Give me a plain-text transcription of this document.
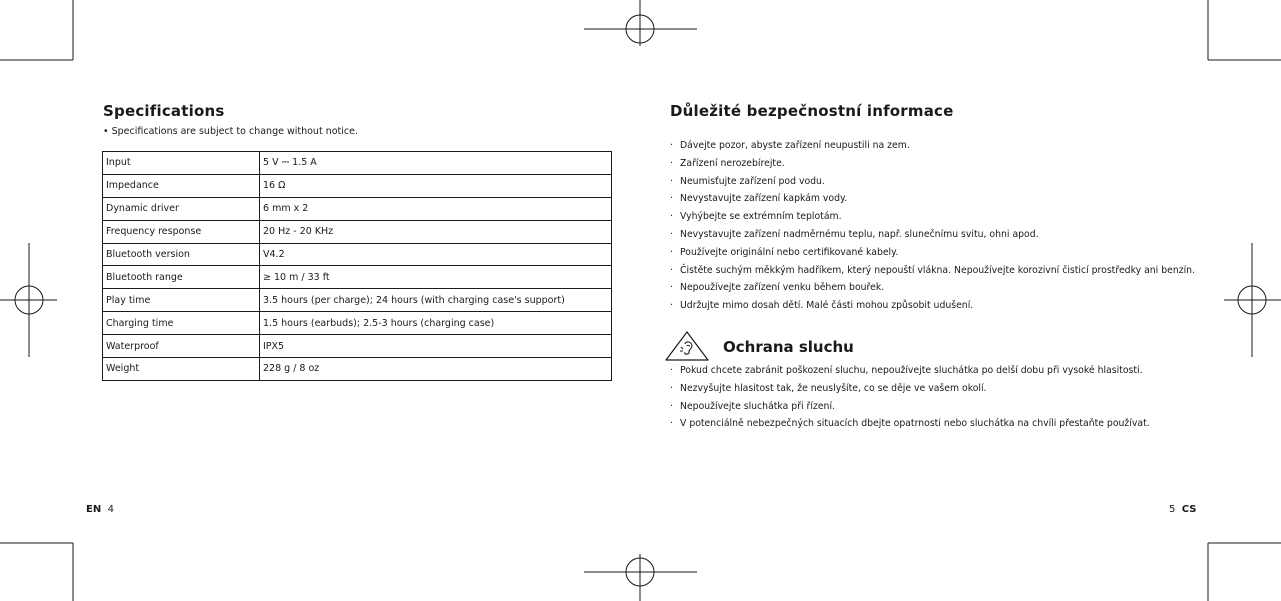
Specifications
• Specifications are subject to change without notice.
Input	5 V ⎓ 1.5 A
Impedance	16 Ω
Dynamic driver	6 mm x 2
Frequency response	20 Hz - 20 KHz
Bluetooth version	V4.2
Bluetooth range	≥ 10 m / 33 ft
Play time	3.5 hours (per charge); 24 hours (with charging case's support)
Charging time	1.5 hours (earbuds); 2.5-3 hours (charging case)
Waterproof	IPX5
Weight	228 g / 8 oz
EN 4
Důležité bezpečnostní informace
· Dávejte pozor, abyste zařízení neupustili na zem.
· Zařízení nerozebírejte.
· Neumisťujte zařízení pod vodu.
· Nevystavujte zařízení kapkám vody.
· Vyhýbejte se extrémním teplotám.
· Nevystavujte zařízení nadměrnému teplu, např. slunečnímu svitu, ohni apod.
· Používejte originální nebo certifikované kabely.
· Čistěte suchým měkkým hadříkem, který nepouští vlákna. Nepoužívejte korozivní čisticí prostředky ani benzín.
· Nepoužívejte zařízení venku během bouřek.
· Udržujte mimo dosah dětí. Malé části mohou způsobit udušení.
Ochrana sluchu
· Pokud chcete zabránit poškození sluchu, nepoužívejte sluchátka po delší dobu při vysoké hlasitosti.
· Nezvyšujte hlasitost tak, že neuslyšíte, co se děje ve vašem okolí.
· Nepoužívejte sluchátka při řízení.
· V potenciálně nebezpečných situacích dbejte opatrnosti nebo sluchátka na chvíli přestaňte používat.
5 CS
